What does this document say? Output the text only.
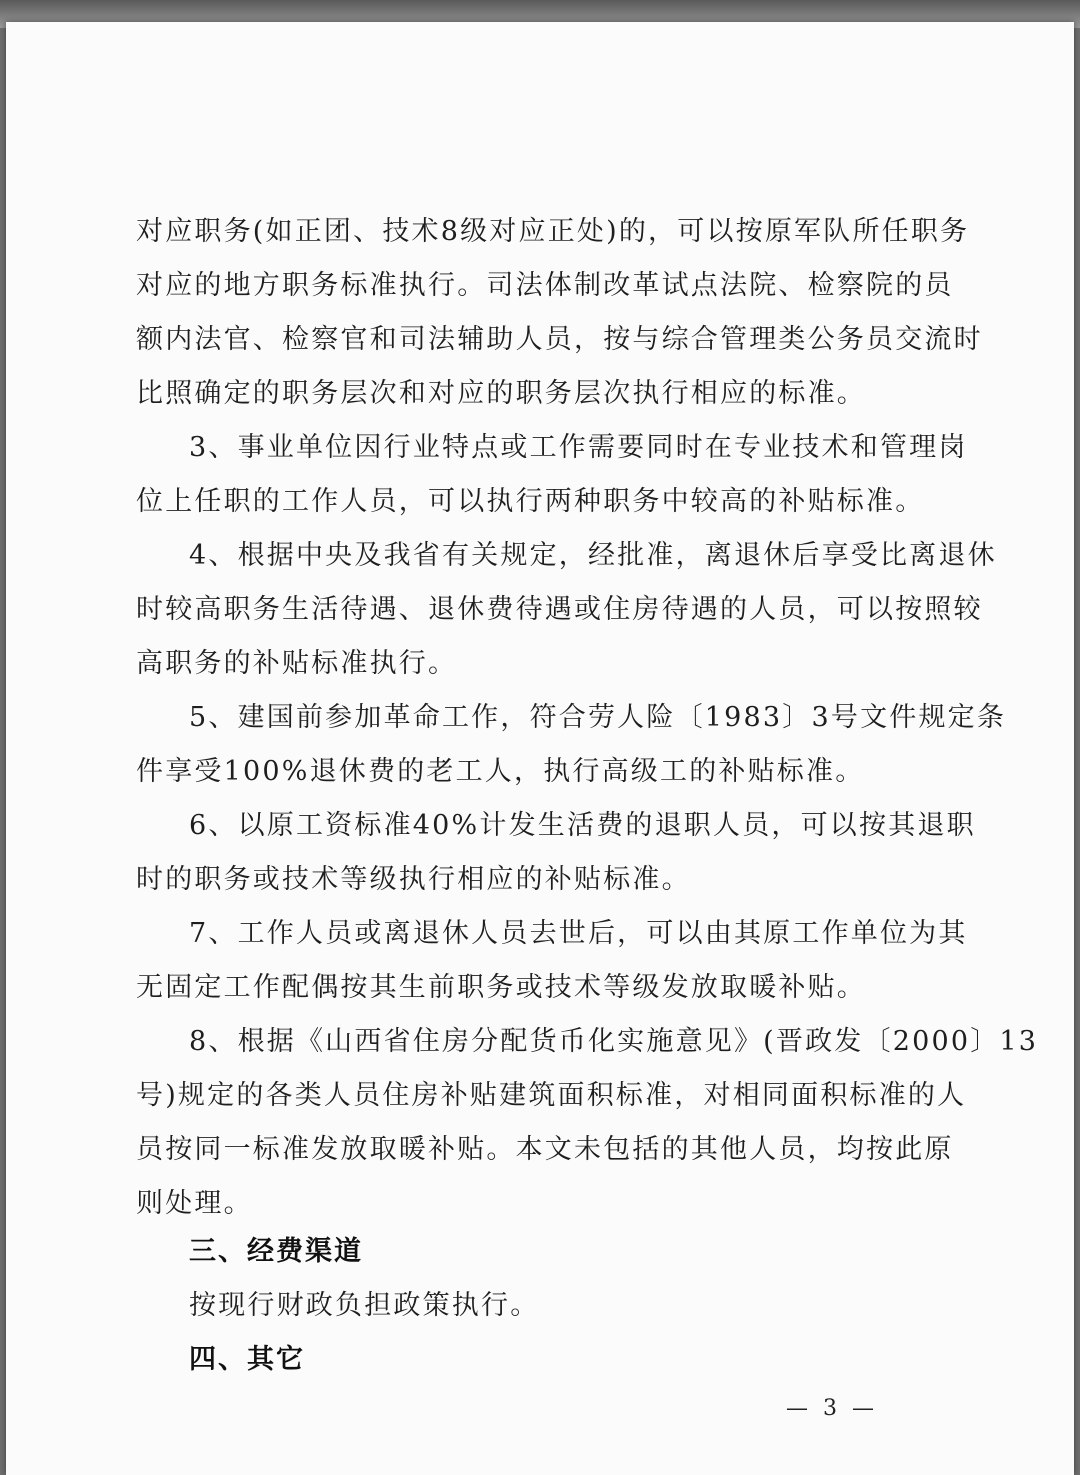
对应职务(如正团、技术8级对应正处)的，可以按原军队所任职务
对应的地方职务标准执行。司法体制改革试点法院、检察院的员
额内法官、检察官和司法辅助人员，按与综合管理类公务员交流时
比照确定的职务层次和对应的职务层次执行相应的标准。
3、事业单位因行业特点或工作需要同时在专业技术和管理岗
位上任职的工作人员，可以执行两种职务中较高的补贴标准。
4、根据中央及我省有关规定，经批准，离退休后享受比离退休
时较高职务生活待遇、退休费待遇或住房待遇的人员，可以按照较
高职务的补贴标准执行。
5、建国前参加革命工作，符合劳人险〔1983〕3号文件规定条
件享受100%退休费的老工人，执行高级工的补贴标准。
6、以原工资标准40%计发生活费的退职人员，可以按其退职
时的职务或技术等级执行相应的补贴标准。
7、工作人员或离退休人员去世后，可以由其原工作单位为其
无固定工作配偶按其生前职务或技术等级发放取暖补贴。
8、根据《山西省住房分配货币化实施意见》(晋政发〔2000〕13
号)规定的各类人员住房补贴建筑面积标准，对相同面积标准的人
员按同一标准发放取暖补贴。本文未包括的其他人员，均按此原
则处理。
三、经费渠道
按现行财政负担政策执行。
四、其它
— 3 —
